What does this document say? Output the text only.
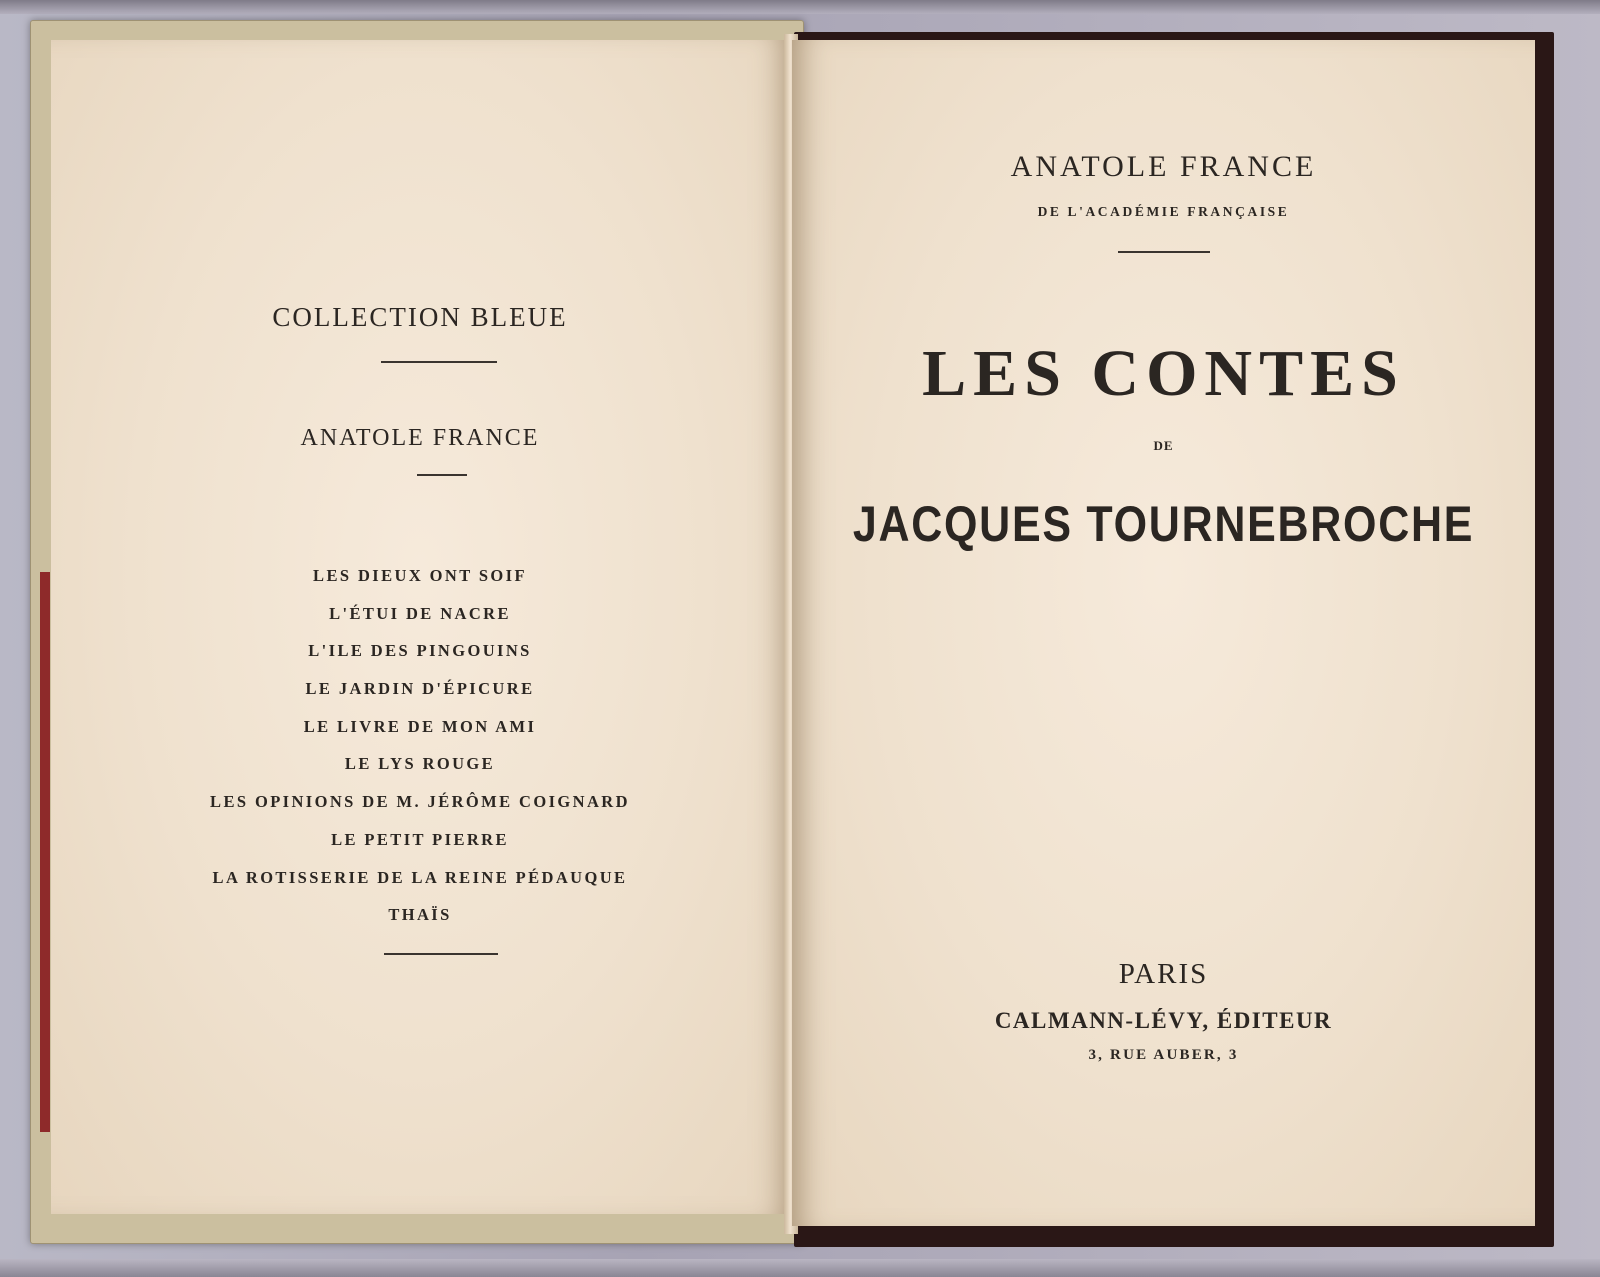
COLLECTION BLEUE
ANATOLE FRANCE
LES DIEUX ONT SOIF
L'ÉTUI DE NACRE
L'ILE DES PINGOUINS
LE JARDIN D'ÉPICURE
LE LIVRE DE MON AMI
LE LYS ROUGE
LES OPINIONS DE M. JÉRÔME COIGNARD
LE PETIT PIERRE
LA ROTISSERIE DE LA REINE PÉDAUQUE
THAÏS
ANATOLE FRANCE
DE L'ACADÉMIE FRANÇAISE
LES CONTES
DE
JACQUES TOURNEBROCHE
PARIS
CALMANN-LÉVY, ÉDITEUR
3, RUE AUBER, 3
